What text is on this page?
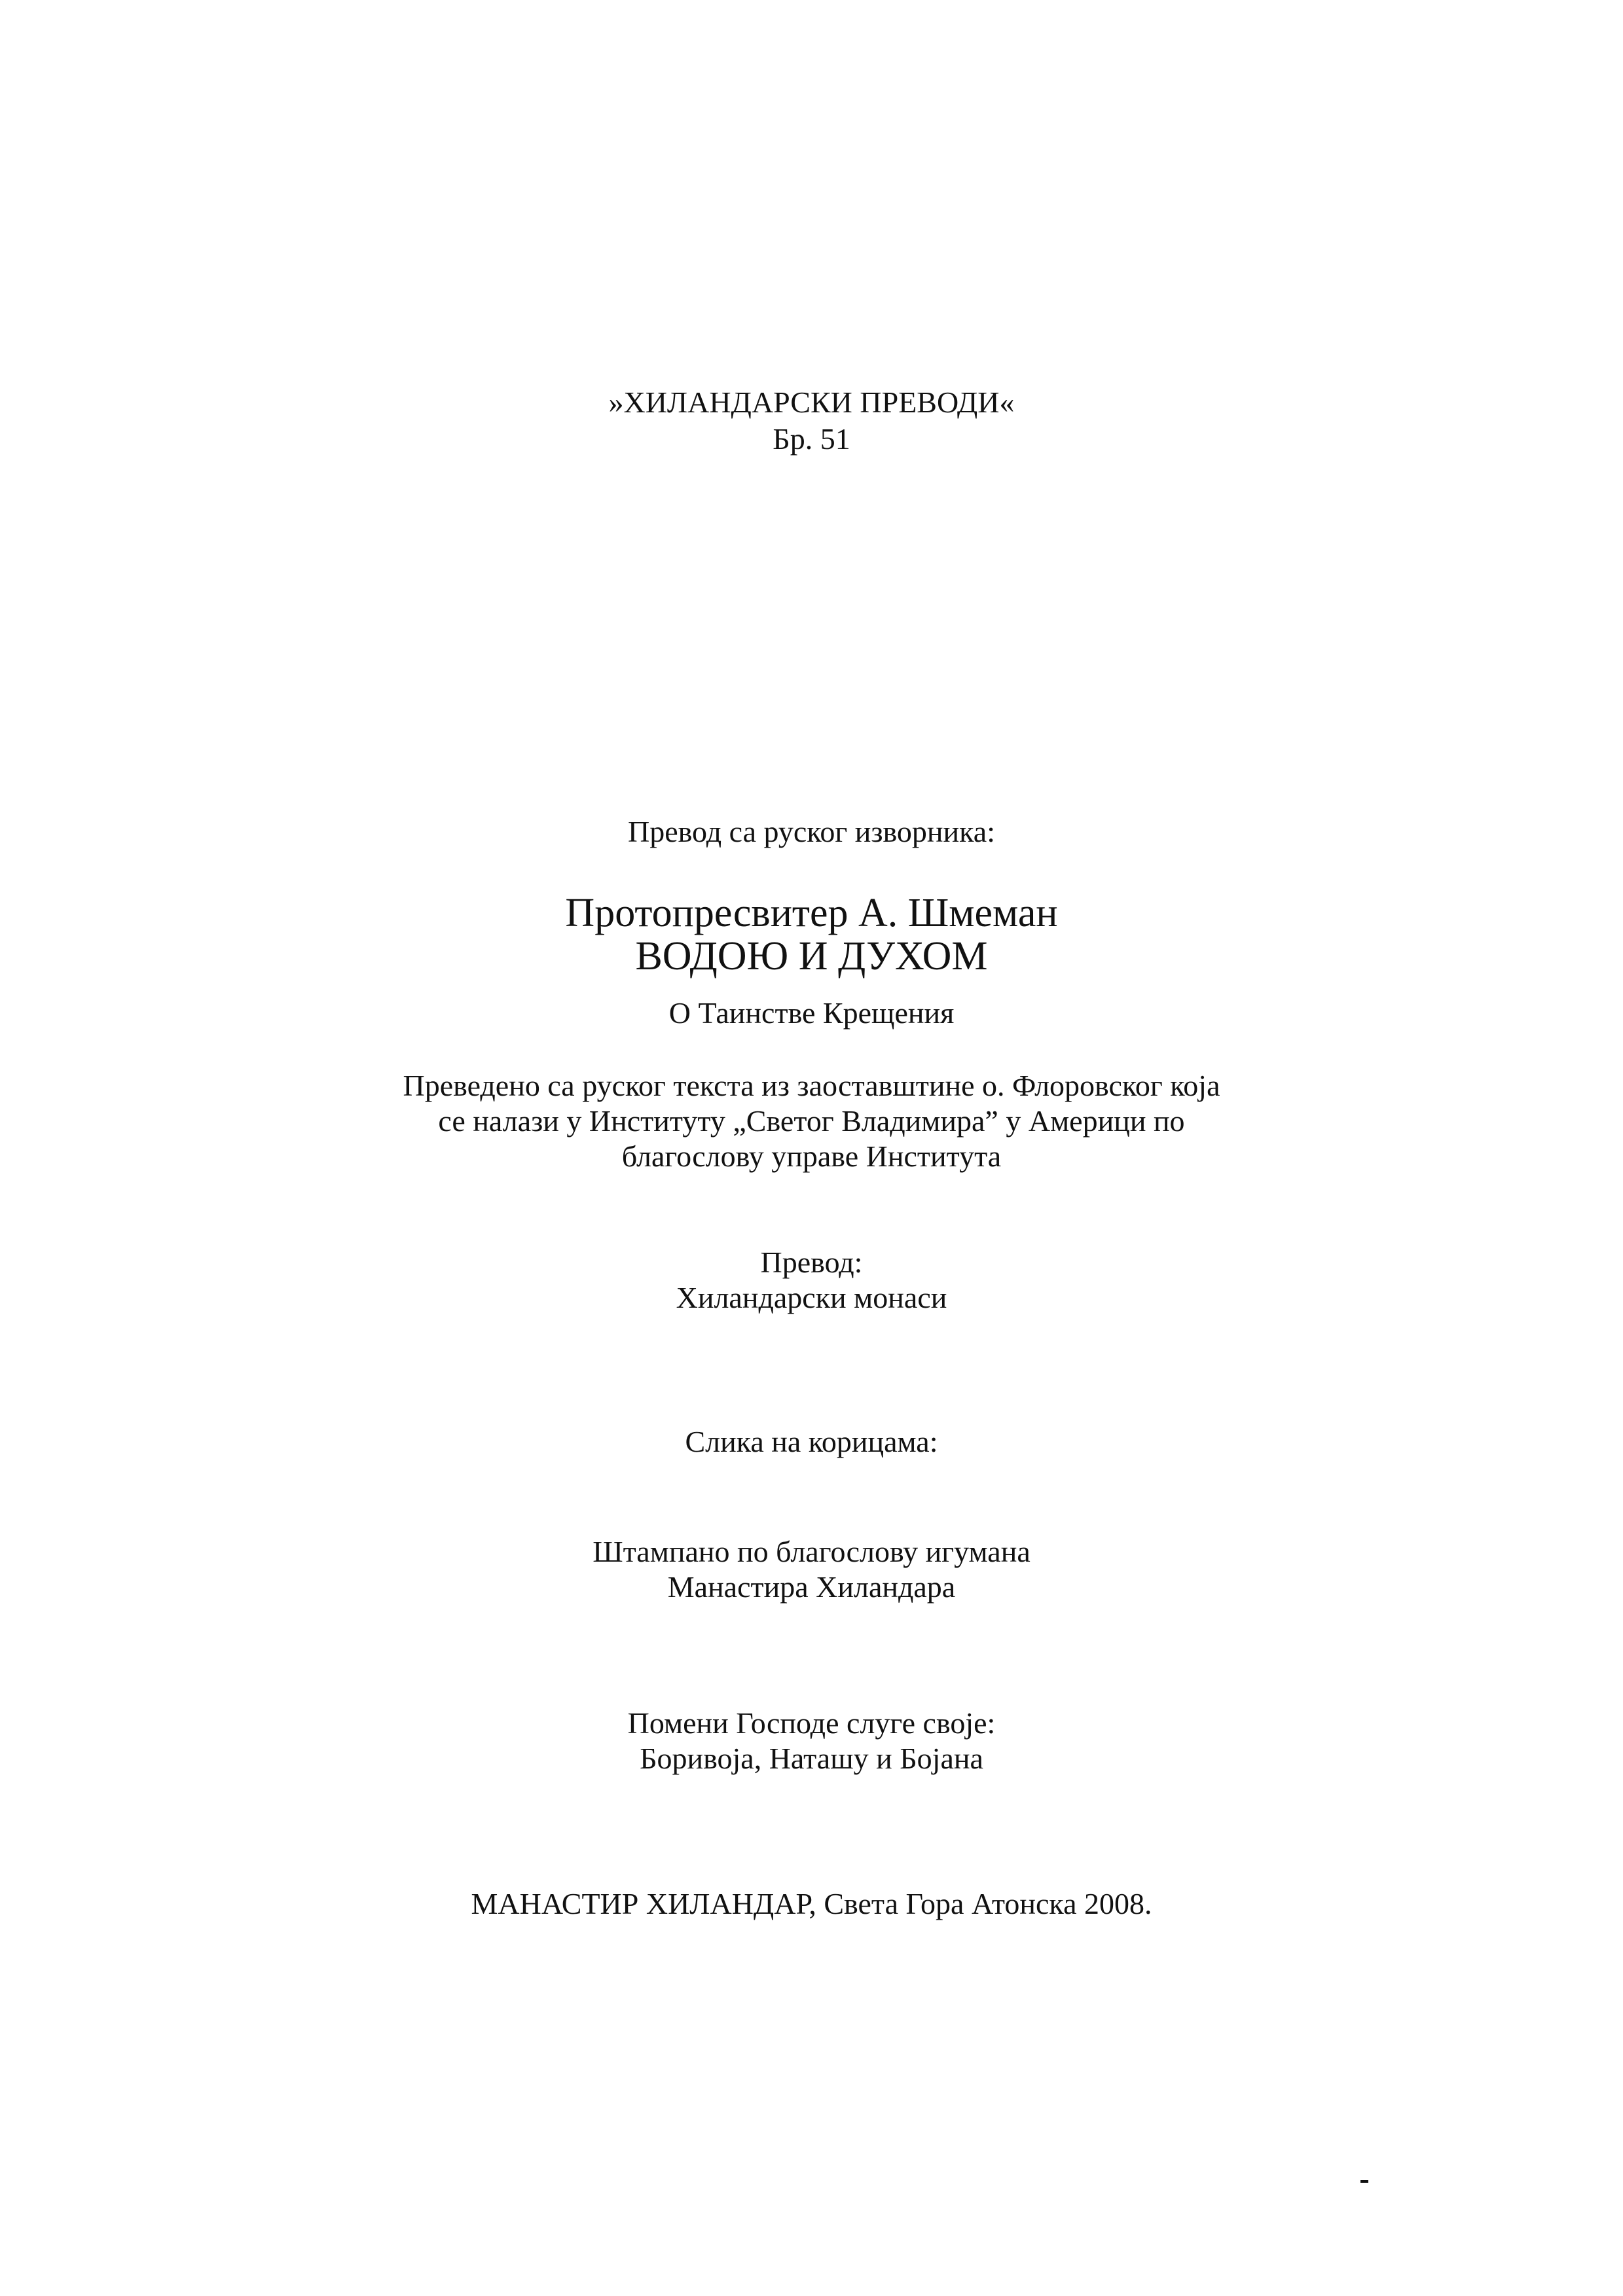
»ХИЛАНДАРСКИ ПРЕВОДИ«
Бр. 51
Превод са руског изворника:
Протопресвитер А. Шмеман
ВОДОЮ И ДУХОМ
О Таинстве Крещения
Преведено са руског текста из заоставштине о. Флоровског која
се налази у Институту „Светог Владимира” у Америци по
благослову управе Института
Превод:
Хиландарски монаси
Слика на корицама:
Штампано по благослову игумана
Манастира Хиландара
Помени Господе слуге своје:
Боривоја, Наташу и Бојана
МАНАСТИР ХИЛАНДАР, Света Гора Атонска 2008.
